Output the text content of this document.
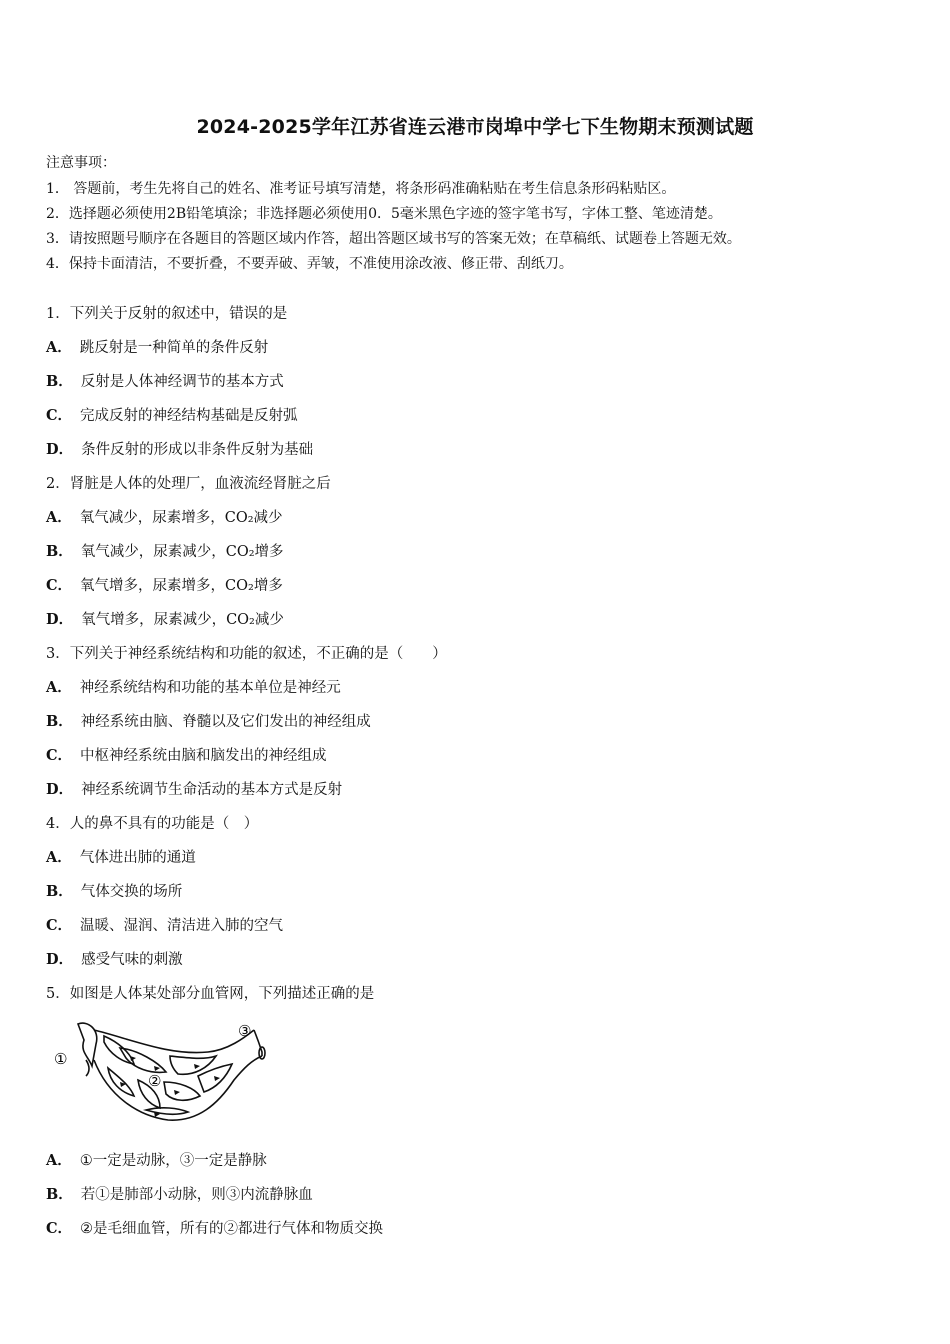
2024-2025学年江苏省连云港市岗埠中学七下生物期末预测试题
注意事项：
1． 答题前，考生先将自己的姓名、准考证号填写清楚，将条形码准确粘贴在考生信息条形码粘贴区。
2．选择题必须使用2B铅笔填涂；非选择题必须使用0．5毫米黑色字迹的签字笔书写，字体工整、笔迹清楚。
3．请按照题号顺序在各题目的答题区域内作答，超出答题区域书写的答案无效；在草稿纸、试题卷上答题无效。
4．保持卡面清洁，不要折叠，不要弄破、弄皱，不准使用涂改液、修正带、刮纸刀。
1．下列关于反射的叙述中，错误的是
A． 跳反射是一种简单的条件反射
B． 反射是人体神经调节的基本方式
C． 完成反射的神经结构基础是反射弧
D． 条件反射的形成以非条件反射为基础
2．肾脏是人体的处理厂，血液流经肾脏之后
A． 氧气减少，尿素增多，CO₂减少
B． 氧气减少，尿素减少，CO₂增多
C． 氧气增多，尿素增多，CO₂增多
D． 氧气增多，尿素减少，CO₂减少
3．下列关于神经系统结构和功能的叙述，不正确的是（　　）
A． 神经系统结构和功能的基本单位是神经元
B． 神经系统由脑、脊髓以及它们发出的神经组成
C． 中枢神经系统由脑和脑发出的神经组成
D． 神经系统调节生命活动的基本方式是反射
4．人的鼻不具有的功能是（　）
A． 气体进出肺的通道
B． 气体交换的场所
C． 温暖、湿润、清洁进入肺的空气
D． 感受气味的刺激
5．如图是人体某处部分血管网，下列描述正确的是
①
②
③
A． ①一定是动脉，③一定是静脉
B． 若①是肺部小动脉，则③内流静脉血
C． ②是毛细血管，所有的②都进行气体和物质交换
